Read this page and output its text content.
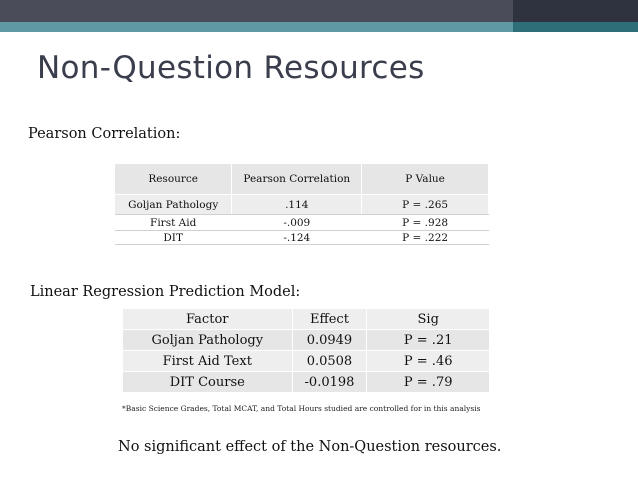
Non-Question Resources

Pearson Correlation:

Resource	Pearson Correlation	P Value
Goljan Pathology	.114	P = .265
First Aid	-.009	P = .928
DIT	-.124	P = .222

Linear Regression Prediction Model:

Factor	Effect	Sig
Goljan Pathology	0.0949	P = .21
First Aid Text	0.0508	P = .46
DIT Course	-0.0198	P = .79

*Basic Science Grades, Total MCAT, and Total Hours studied are controlled for in this analysis

No significant effect of the Non-Question resources.
